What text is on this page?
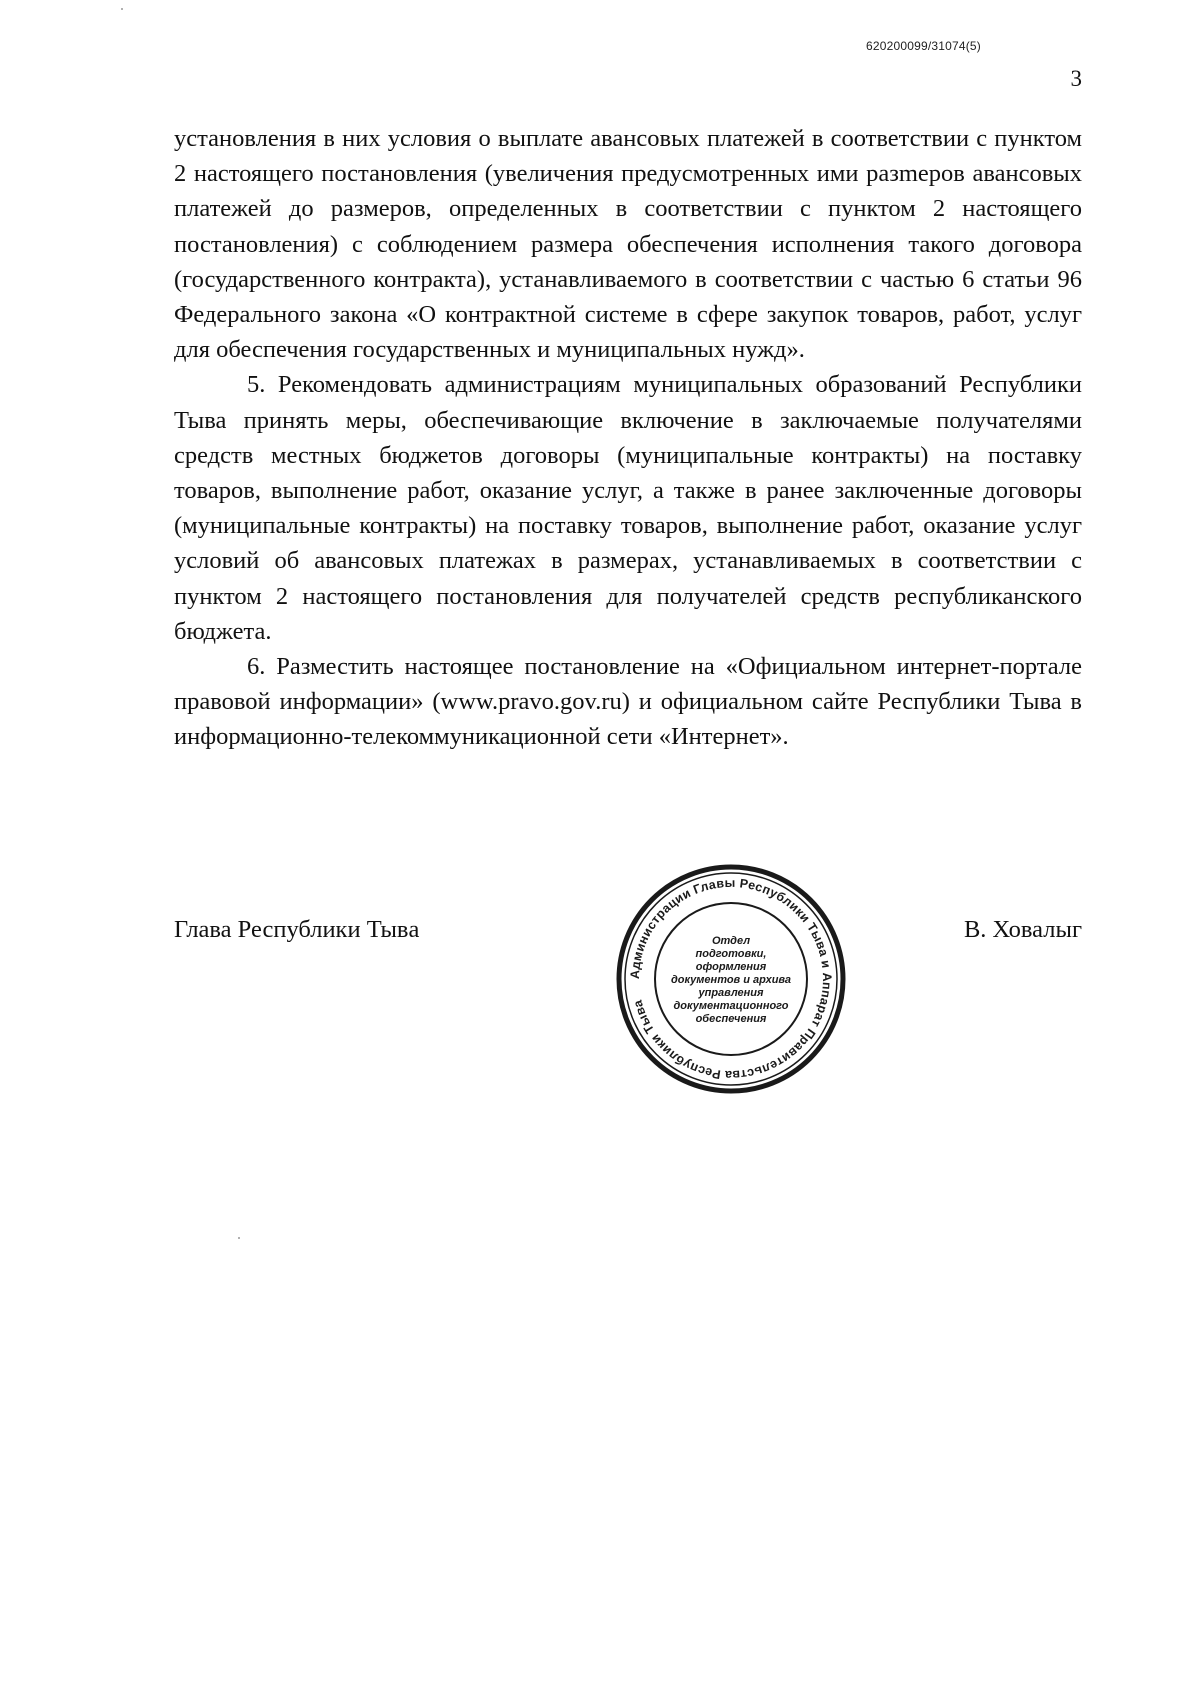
620200099/31074(5)
3

установления в них условия о выплате авансовых платежей в соответствии с пунктом 2 настоящего постановления (увеличения предусмотренных ими разmеров авансовых платежей до размеров, определенных в соответствии с пунктом 2 настоящего постановления) с соблюдением размера обеспечения исполнения такого договора (государственного контракта), устанавливаемого в соответствии с частью 6 статьи 96 Федерального закона «О контрактной системе в сфере закупок товаров, работ, услуг для обеспечения государственных и муниципальных нужд».

5. Рекомендовать администрациям муниципальных образований Республики Тыва принять меры, обеспечивающие включение в заключаемые получателями средств местных бюджетов договоры (муниципальные контракты) на поставку товаров, выполнение работ, оказание услуг, а также в ранее заключенные договоры (муниципальные контракты) на поставку товаров, выполнение работ, оказание услуг условий об авансовых платежах в размерах, устанавливаемых в соответствии с пунктом 2 настоящего постановления для получателей средств республиканского бюджета.

6. Разместить настоящее постановление на «Официальном интернет-портале правовой информации» (www.pravo.gov.ru) и официальном сайте Республики Тыва в информационно-телекоммуникационной сети «Интернет».

Глава Республики Тывa	В. Ховалыг
Администрации Главы Республики Тыва и Аппарат Правительства Республики Тыва
Отдел
подготовки,
оформления
документов и архива
управления
документационного
обеспечения
